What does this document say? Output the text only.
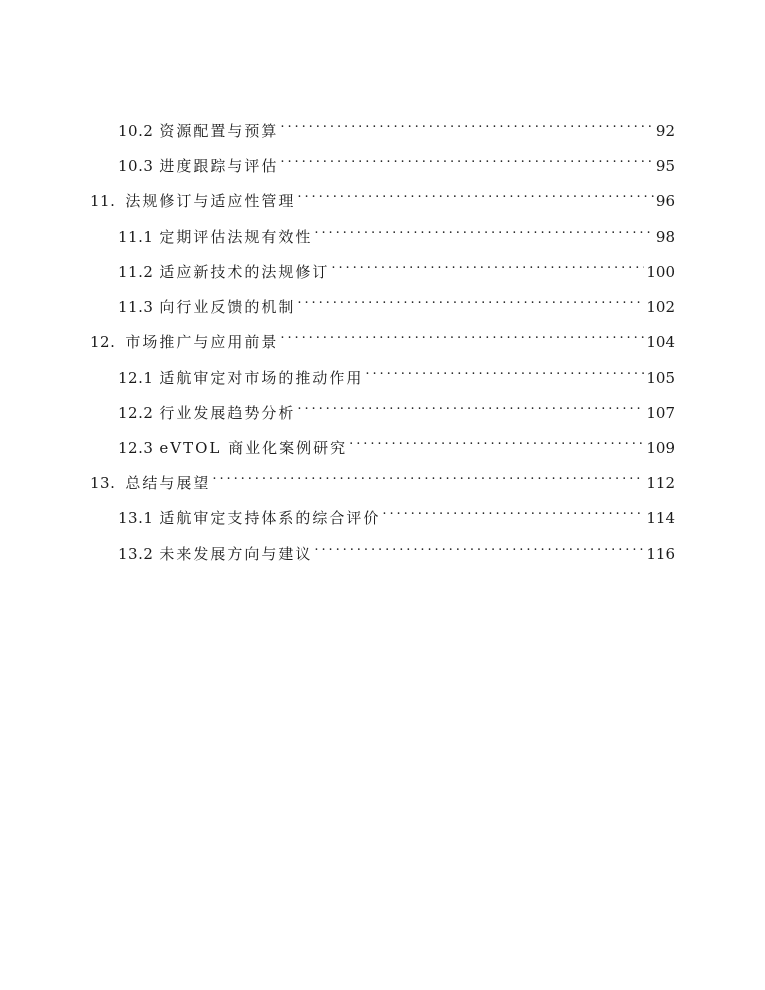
10.2 资源配置与预算 . . .	92
10.3 进度跟踪与评估 . . .	95
11. 法规修订与适应性管理 . . .	96
11.1 定期评估法规有效性 . . .	98
11.2 适应新技术的法规修订 . . .	100
11.3 向行业反馈的机制 . . .	102
12. 市场推广与应用前景 . . .	104
12.1 适航审定对市场的推动作用 . . .	105
12.2 行业发展趋势分析 . . .	107
12.3 eVTOL 商业化案例研究 . . .	109
13. 总结与展望 . . .	112
13.1 适航审定支持体系的综合评价 . . .	114
13.2 未来发展方向与建议 . . .	116
